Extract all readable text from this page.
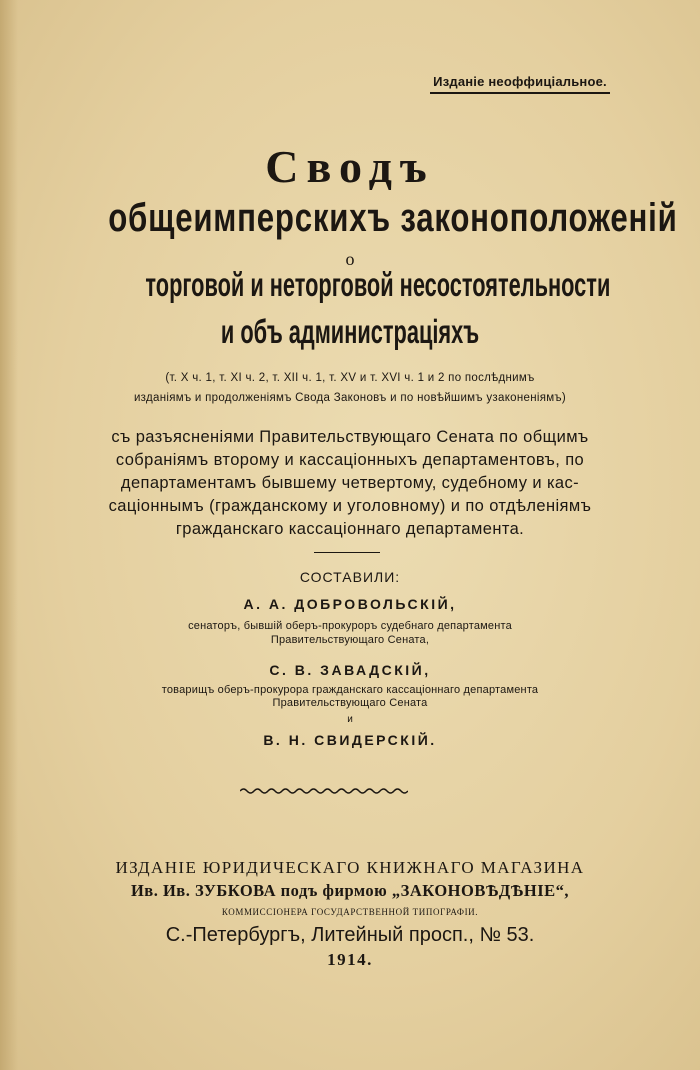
Изданіе неоффиціальное.
Сводъ
общеимперскихъ законоположеній
о
торговой и неторговой несостоятельности
и объ администраціяхъ
(т. X ч. 1, т. XI ч. 2, т. XII ч. 1, т. XV и т. XVI ч. 1 и 2 по послѣднимъ
изданіямъ и продолженіямъ Свода Законовъ и по новѣйшимъ узаконеніямъ)
съ разъясненіями Правительствующаго Сената по общимъ
собраніямъ второму и кассаціонныхъ департаментовъ, по
департаментамъ бывшему четвертому, судебному и кас-
саціоннымъ (гражданскому и уголовному) и по отдѣленіямъ
гражданскаго кассаціоннаго департамента.
СОСТАВИЛИ:
А. А. ДОБРОВОЛЬСКІЙ,
сенаторъ, бывшій оберъ-прокуроръ судебнаго департамента
Правительствующаго Сената,
С. В. ЗАВАДСКІЙ,
товарищъ оберъ-прокурора гражданскаго кассаціоннаго департамента
Правительствующаго Сената
и
В. Н. СВИДЕРСКІЙ.
ИЗДАНІЕ ЮРИДИЧЕСКАГО КНИЖНАГО МАГАЗИНА
Ив. Ив. ЗУБКОВА подъ фирмою „ЗАКОНОВѢДѢНІЕ“,
КОММИССІОНЕРА ГОСУДАРСТВЕННОЙ ТИПОГРАФІИ.
С.-Петербургъ, Литейный просп., № 53.
1914.
